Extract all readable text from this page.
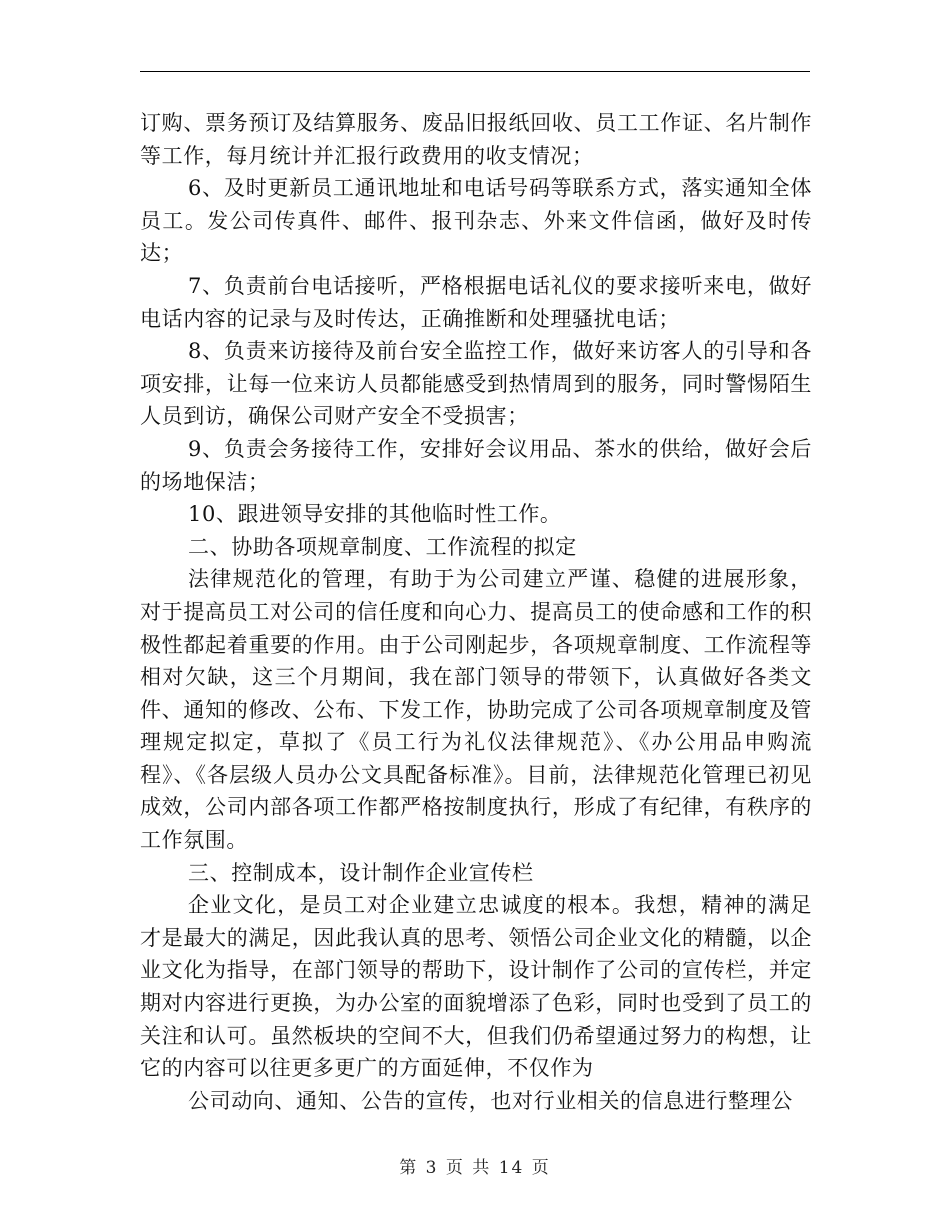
订购、票务预订及结算服务、废品旧报纸回收、员工工作证、名片制作等工作，每月统计并汇报行政费用的收支情况；

6、及时更新员工通讯地址和电话号码等联系方式，落实通知全体员工。发公司传真件、邮件、报刊杂志、外来文件信函，做好及时传达；

7、负责前台电话接听，严格根据电话礼仪的要求接听来电，做好电话内容的记录与及时传达，正确推断和处理骚扰电话；

8、负责来访接待及前台安全监控工作，做好来访客人的引导和各项安排，让每一位来访人员都能感受到热情周到的服务，同时警惕陌生人员到访，确保公司财产安全不受损害；

9、负责会务接待工作，安排好会议用品、茶水的供给，做好会后的场地保洁；

10、跟进领导安排的其他临时性工作。

二、协助各项规章制度、工作流程的拟定

法律规范化的管理，有助于为公司建立严谨、稳健的进展形象，对于提高员工对公司的信任度和向心力、提高员工的使命感和工作的积极性都起着重要的作用。由于公司刚起步，各项规章制度、工作流程等相对欠缺，这三个月期间，我在部门领导的带领下，认真做好各类文件、通知的修改、公布、下发工作，协助完成了公司各项规章制度及管理规定拟定，草拟了《员工行为礼仪法律规范》、《办公用品申购流程》、《各层级人员办公文具配备标准》。目前，法律规范化管理已初见成效，公司内部各项工作都严格按制度执行，形成了有纪律，有秩序的工作氛围。

三、控制成本，设计制作企业宣传栏

企业文化，是员工对企业建立忠诚度的根本。我想，精神的满足才是最大的满足，因此我认真的思考、领悟公司企业文化的精髓，以企业文化为指导，在部门领导的帮助下，设计制作了公司的宣传栏，并定期对内容进行更换，为办公室的面貌增添了色彩，同时也受到了员工的关注和认可。虽然板块的空间不大，但我们仍希望通过努力的构想，让它的内容可以往更多更广的方面延伸，不仅作为

公司动向、通知、公告的宣传，也对行业相关的信息进行整理公

第 3 页 共 14 页
